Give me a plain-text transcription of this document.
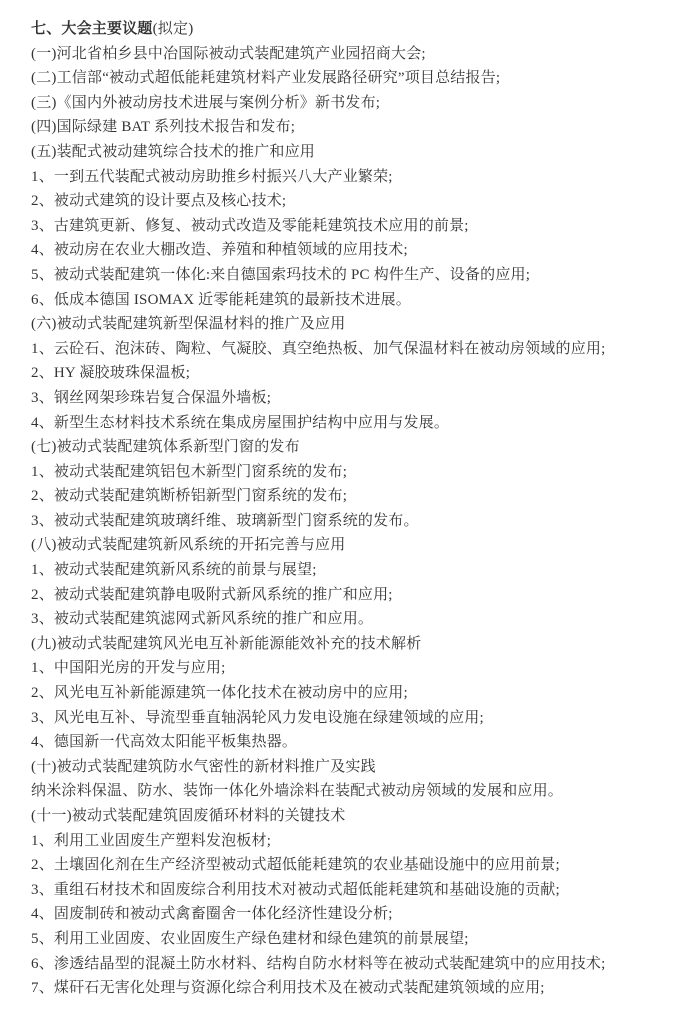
七、大会主要议题(拟定)
(一)河北省柏乡县中冶国际被动式装配建筑产业园招商大会;
(二)工信部“被动式超低能耗建筑材料产业发展路径研究”项目总结报告;
(三)《国内外被动房技术进展与案例分析》新书发布;
(四)国际绿建 BAT 系列技术报告和发布;
(五)装配式被动建筑综合技术的推广和应用
1、一到五代装配式被动房助推乡村振兴八大产业繁荣;
2、被动式建筑的设计要点及核心技术;
3、古建筑更新、修复、被动式改造及零能耗建筑技术应用的前景;
4、被动房在农业大棚改造、养殖和种植领域的应用技术;
5、被动式装配建筑一体化:来自德国索玛技术的 PC 构件生产、设备的应用;
6、低成本德国 ISOMAX 近零能耗建筑的最新技术进展。
(六)被动式装配建筑新型保温材料的推广及应用
1、云砼石、泡沫砖、陶粒、气凝胶、真空绝热板、加气保温材料在被动房领域的应用;
2、HY 凝胶玻珠保温板;
3、钢丝网架珍珠岩复合保温外墙板;
4、新型生态材料技术系统在集成房屋围护结构中应用与发展。
(七)被动式装配建筑体系新型门窗的发布
1、被动式装配建筑铝包木新型门窗系统的发布;
2、被动式装配建筑断桥铝新型门窗系统的发布;
3、被动式装配建筑玻璃纤维、玻璃新型门窗系统的发布。
(八)被动式装配建筑新风系统的开拓完善与应用
1、被动式装配建筑新风系统的前景与展望;
2、被动式装配建筑静电吸附式新风系统的推广和应用;
3、被动式装配建筑滤网式新风系统的推广和应用。
(九)被动式装配建筑风光电互补新能源能效补充的技术解析
1、中国阳光房的开发与应用;
2、风光电互补新能源建筑一体化技术在被动房中的应用;
3、风光电互补、导流型垂直轴涡轮风力发电设施在绿建领域的应用;
4、德国新一代高效太阳能平板集热器。
(十)被动式装配建筑防水气密性的新材料推广及实践
纳米涂料保温、防水、装饰一体化外墙涂料在装配式被动房领域的发展和应用。
(十一)被动式装配建筑固废循环材料的关键技术
1、利用工业固废生产塑料发泡板材;
2、土壤固化剂在生产经济型被动式超低能耗建筑的农业基础设施中的应用前景;
3、重组石材技术和固废综合利用技术对被动式超低能耗建筑和基础设施的贡献;
4、固废制砖和被动式禽畜圈舍一体化经济性建设分析;
5、利用工业固废、农业固废生产绿色建材和绿色建筑的前景展望;
6、渗透结晶型的混凝土防水材料、结构自防水材料等在被动式装配建筑中的应用技术;
7、煤矸石无害化处理与资源化综合利用技术及在被动式装配建筑领域的应用;
